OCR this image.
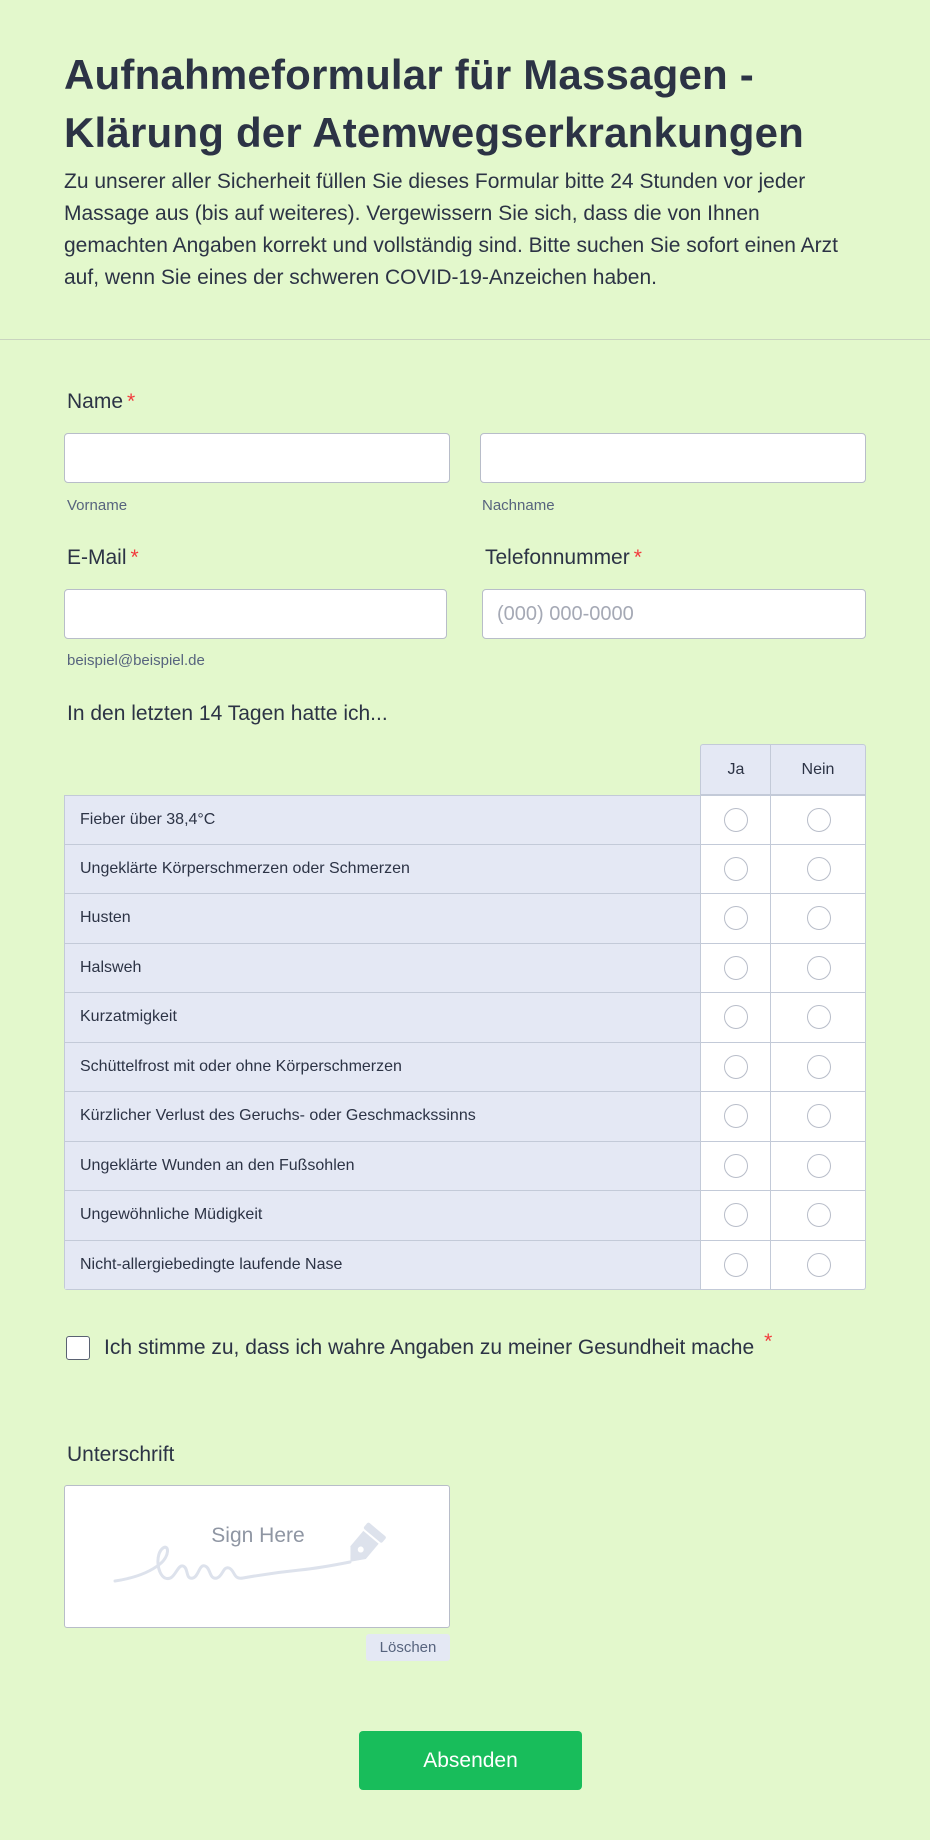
Aufnahmeformular für Massagen -
Klärung der Atemwegserkrankungen
Zu unserer aller Sicherheit füllen Sie dieses Formular bitte 24 Stunden vor jeder Massage aus (bis auf weiteres). Vergewissern Sie sich, dass die von Ihnen gemachten Angaben korrekt und vollständig sind. Bitte suchen Sie sofort einen Arzt auf, wenn Sie eines der schweren COVID-19-Anzeichen haben.
Name *
Vorname	Nachname
E-Mail *	Telefonnummer *
(000) 000-0000
beispiel@beispiel.de
In den letzten 14 Tagen hatte ich...
Ja	Nein
Fieber über 38,4°C
Ungeklärte Körperschmerzen oder Schmerzen
Husten
Halsweh
Kurzatmigkeit
Schüttelfrost mit oder ohne Körperschmerzen
Kürzlicher Verlust des Geruchs- oder Geschmackssinns
Ungeklärte Wunden an den Fußsohlen
Ungewöhnliche Müdigkeit
Nicht-allergiebedingte laufende Nase
Ich stimme zu, dass ich wahre Angaben zu meiner Gesundheit mache *
Unterschrift
Sign Here
Löschen
Absenden
